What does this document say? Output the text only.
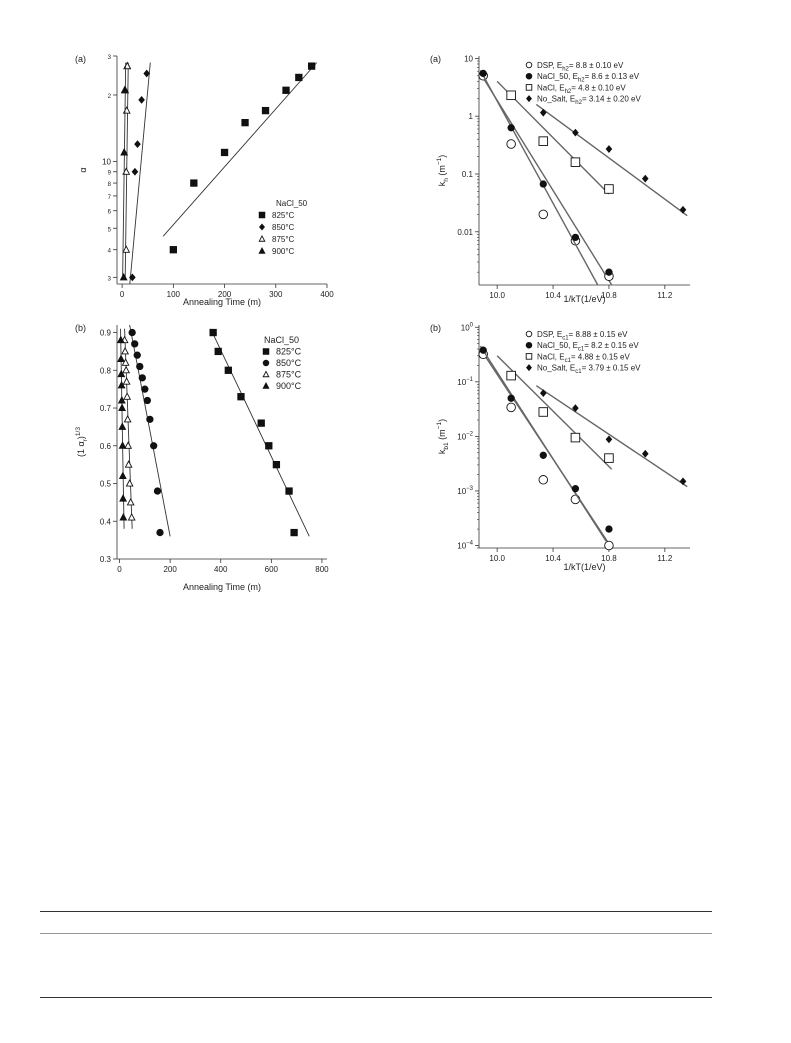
(a)
0	100	200	300	400
3
4
5
6
7
8
9
10
2
3
Annealing Time (m)
α
NaCl_50
825°C
850°C
875°C
900°C
(b)
0	200	400	600	800
0.3
0.4
0.5
0.6
0.7
0.8
0.9
Annealing Time (m)
(1 $\alpha_r)^{1/3}$
NaCl_50
825°C
850°C
875°C
900°C
(a)
10.0	10.4	10.8	11.2
0.01
0.1
1
10
1/kT(1/eV)
$k_h$ $(m^{-1})$
DSP, $E_{h2}= 8.8 \pm 0.10$ eV
NaCl_50, $E_{h2}= 8.6 \pm 0.13$ eV
NaCl, $E_{h2}= 4.8 \pm 0.10$ eV
No_Salt, $E_{h2}= 3.14 \pm 0.20$ eV
(b)
10.0	10.4	10.8	11.2
$10^{-4}$
$10^{-3}$
$10^{-2}$
$10^{-1}$
$10^0$
1/kT(1/eV)
$k_{b1}$ $(m^{-1})$
DSP, $E_{c1}= 8.88 \pm 0.15$ eV
NaCl_50, $E_{c1}= 8.2 \pm 0.15$ eV
NaCl, $E_{c1}= 4.88 \pm 0.15$ eV
No_Salt, $E_{c1}= 3.79 \pm 0.15$ eV
